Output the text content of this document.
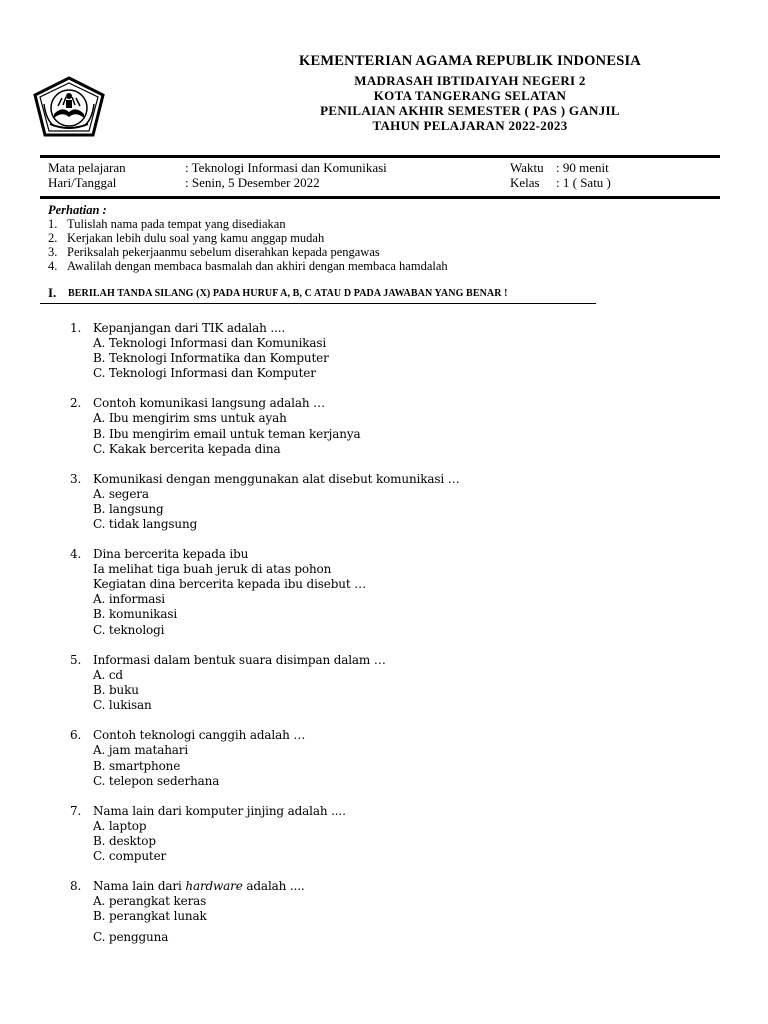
KEMENTERIAN AGAMA REPUBLIK INDONESIA
MADRASAH IBTIDAIYAH NEGERI 2
KOTA TANGERANG SELATAN
PENILAIAN AKHIR SEMESTER ( PAS ) GANJIL
TAHUN PELAJARAN 2022-2023
Mata pelajaran	: Teknologi Informasi dan Komunikasi	Waktu : 90 menit
Hari/Tanggal	: Senin, 5 Desember 2022	Kelas : 1 ( Satu )
Perhatian :
1. Tulislah nama pada tempat yang disediakan
2. Kerjakan lebih dulu soal yang kamu anggap mudah
3. Periksalah pekerjaanmu sebelum diserahkan kepada pengawas
4. Awalilah dengan membaca basmalah dan akhiri dengan membaca hamdalah
I. BERILAH TANDA SILANG (X) PADA HURUF A, B, C ATAU D PADA JAWABAN YANG BENAR !
1. Kepanjangan dari TIK adalah ....
A. Teknologi Informasi dan Komunikasi
B. Teknologi Informatika dan Komputer
C. Teknologi Informasi dan Komputer
2. Contoh komunikasi langsung adalah …
A. Ibu mengirim sms untuk ayah
B. Ibu mengirim email untuk teman kerjanya
C. Kakak bercerita kepada dina
3. Komunikasi dengan menggunakan alat disebut komunikasi …
A. segera
B. langsung
C. tidak langsung
4. Dina bercerita kepada ibu
Ia melihat tiga buah jeruk di atas pohon
Kegiatan dina bercerita kepada ibu disebut …
A. informasi
B. komunikasi
C. teknologi
5. Informasi dalam bentuk suara disimpan dalam …
A. cd
B. buku
C. lukisan
6. Contoh teknologi canggih adalah …
A. jam matahari
B. smartphone
C. telepon sederhana
7. Nama lain dari komputer jinjing adalah ....
A. laptop
B. desktop
C. computer
8. Nama lain dari hardware adalah ....
A. perangkat keras
B. perangkat lunak
C. pengguna
